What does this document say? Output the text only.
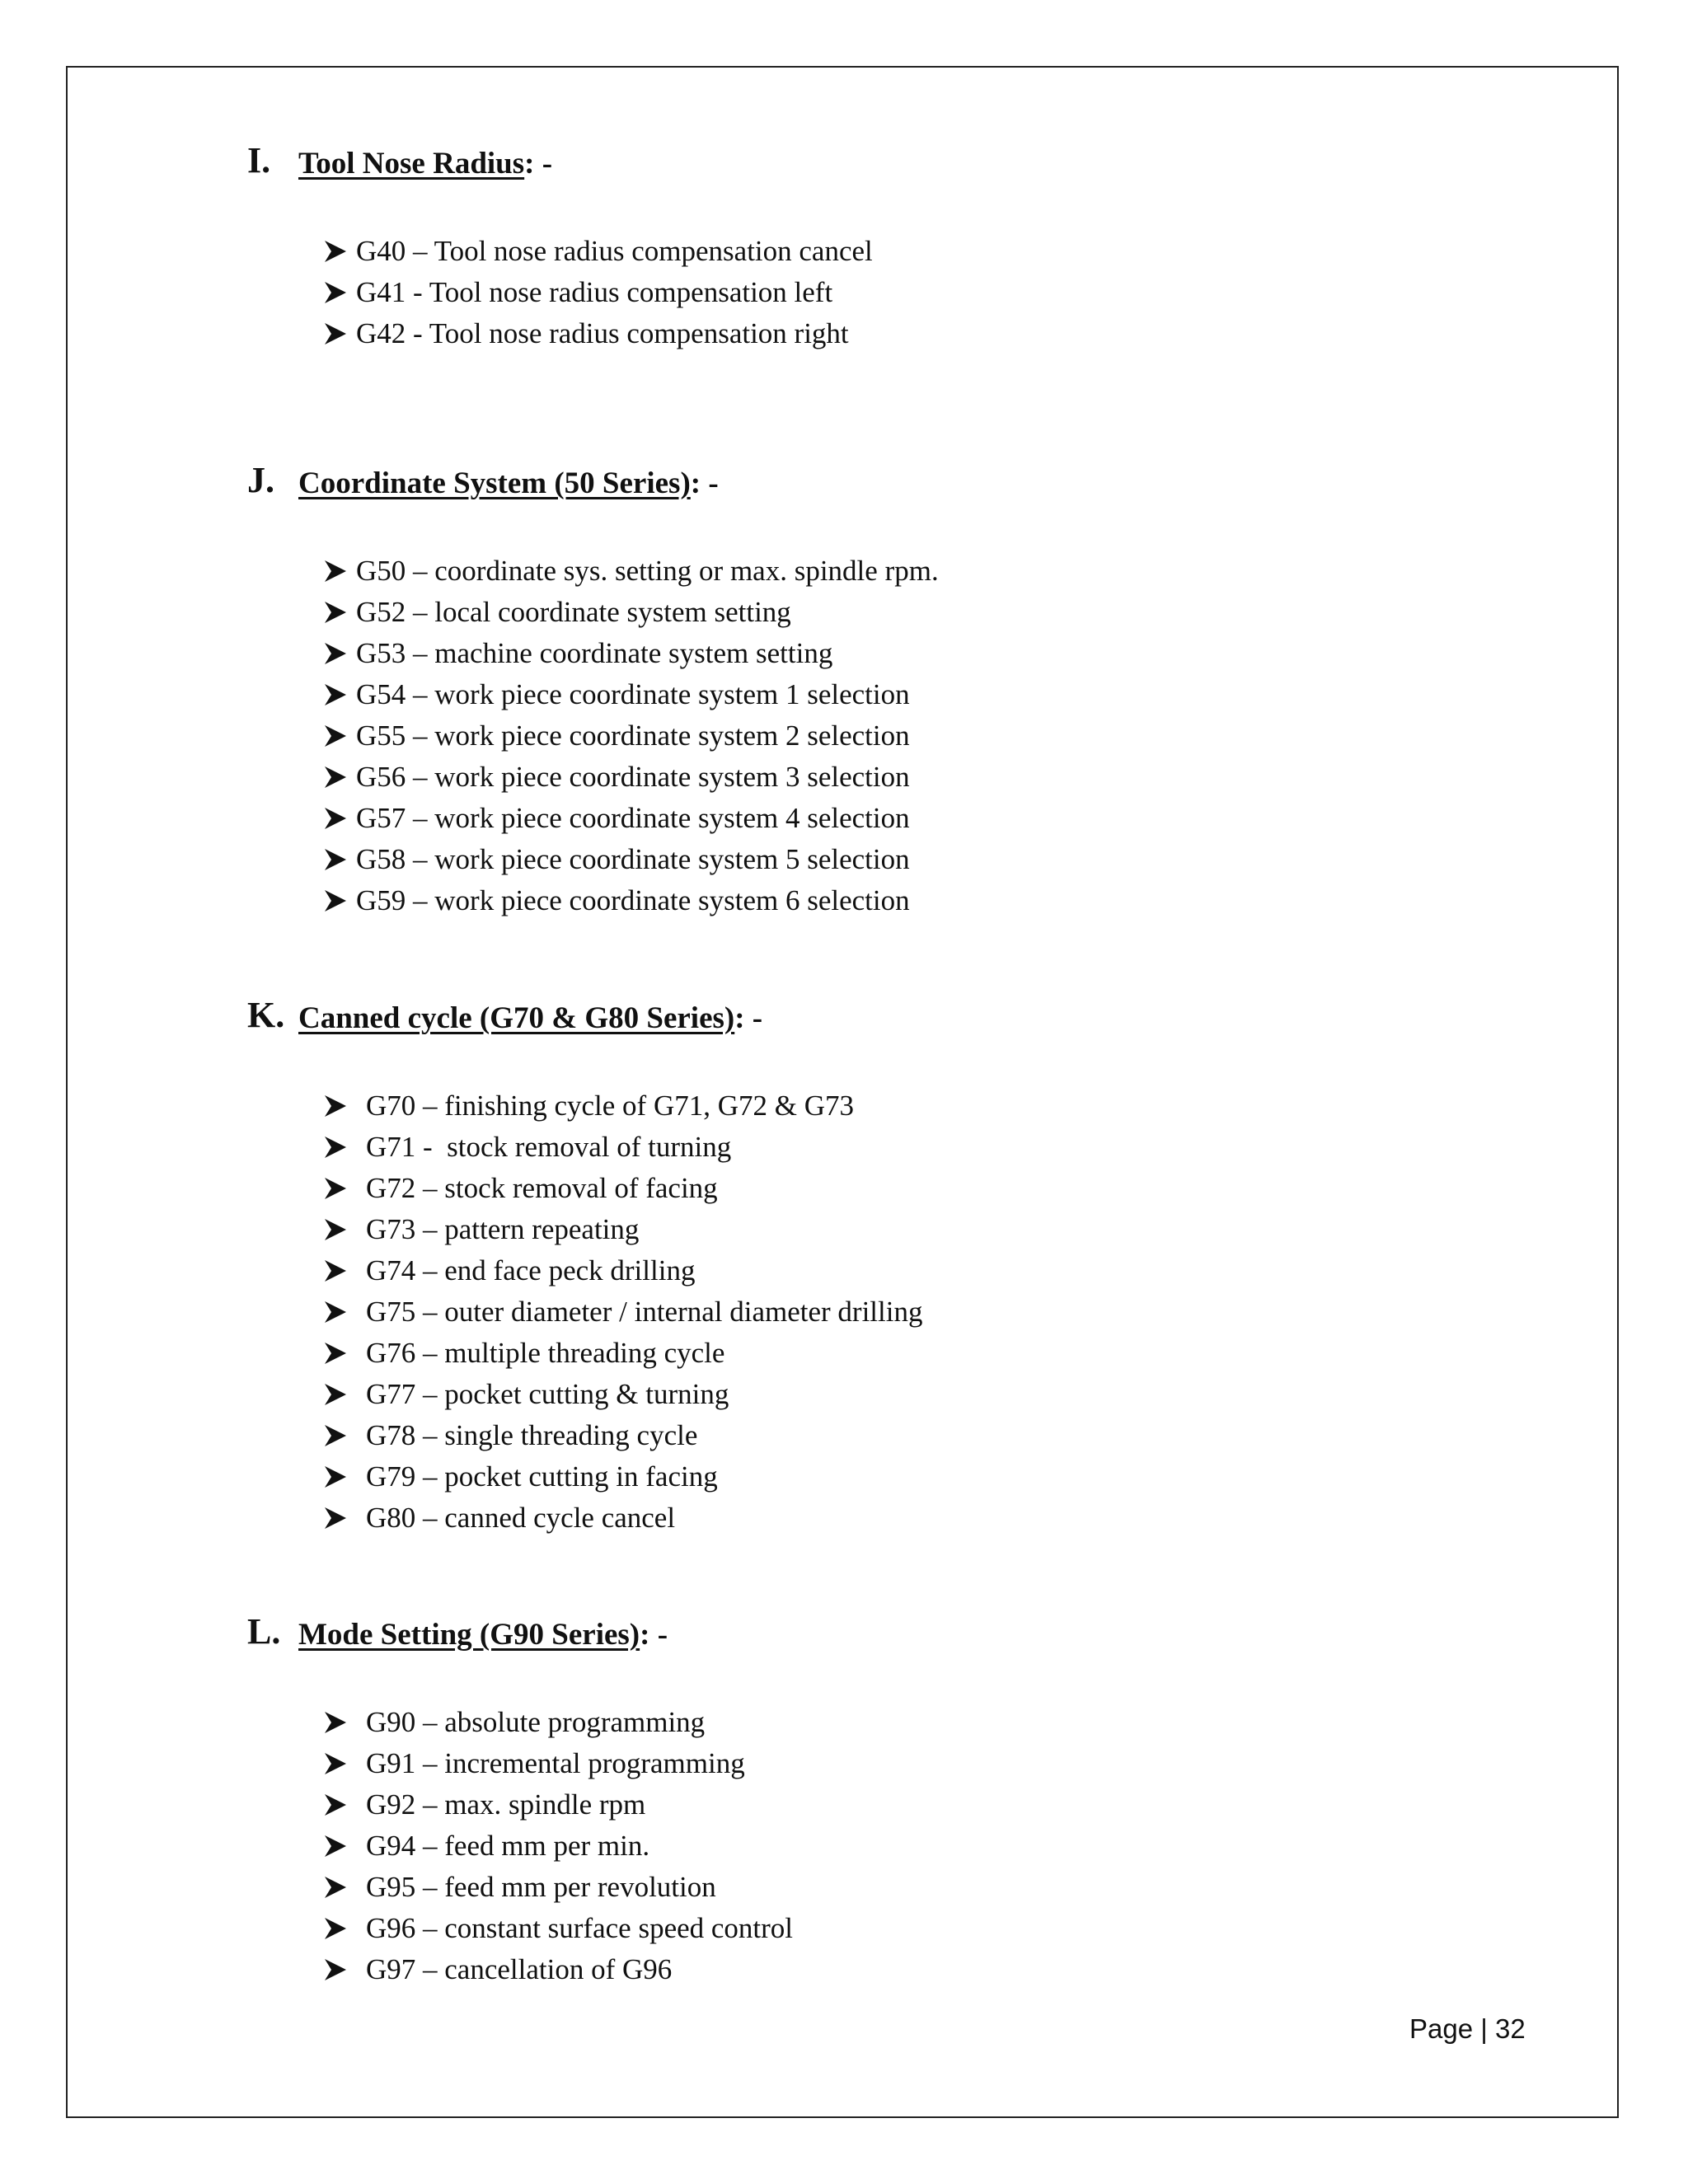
I. Tool Nose Radius: -
G40 – Tool nose radius compensation cancel
G41 - Tool nose radius compensation left
G42 - Tool nose radius compensation right
J. Coordinate System (50 Series): -
G50 – coordinate sys. setting or max. spindle rpm.
G52 – local coordinate system setting
G53 – machine coordinate system setting
G54 – work piece coordinate system 1 selection
G55 – work piece coordinate system 2 selection
G56 – work piece coordinate system 3 selection
G57 – work piece coordinate system 4 selection
G58 – work piece coordinate system 5 selection
G59 – work piece coordinate system 6 selection
K. Canned cycle (G70 & G80 Series): -
G70 – finishing cycle of G71, G72 & G73
G71 -  stock removal of turning
G72 – stock removal of facing
G73 – pattern repeating
G74 – end face peck drilling
G75 – outer diameter / internal diameter drilling
G76 – multiple threading cycle
G77 – pocket cutting & turning
G78 – single threading cycle
G79 – pocket cutting in facing
G80 – canned cycle cancel
L. Mode Setting (G90 Series): -
G90 – absolute programming
G91 – incremental programming
G92 – max. spindle rpm
G94 – feed mm per min.
G95 – feed mm per revolution
G96 – constant surface speed control
G97 – cancellation of G96
Page | 32
